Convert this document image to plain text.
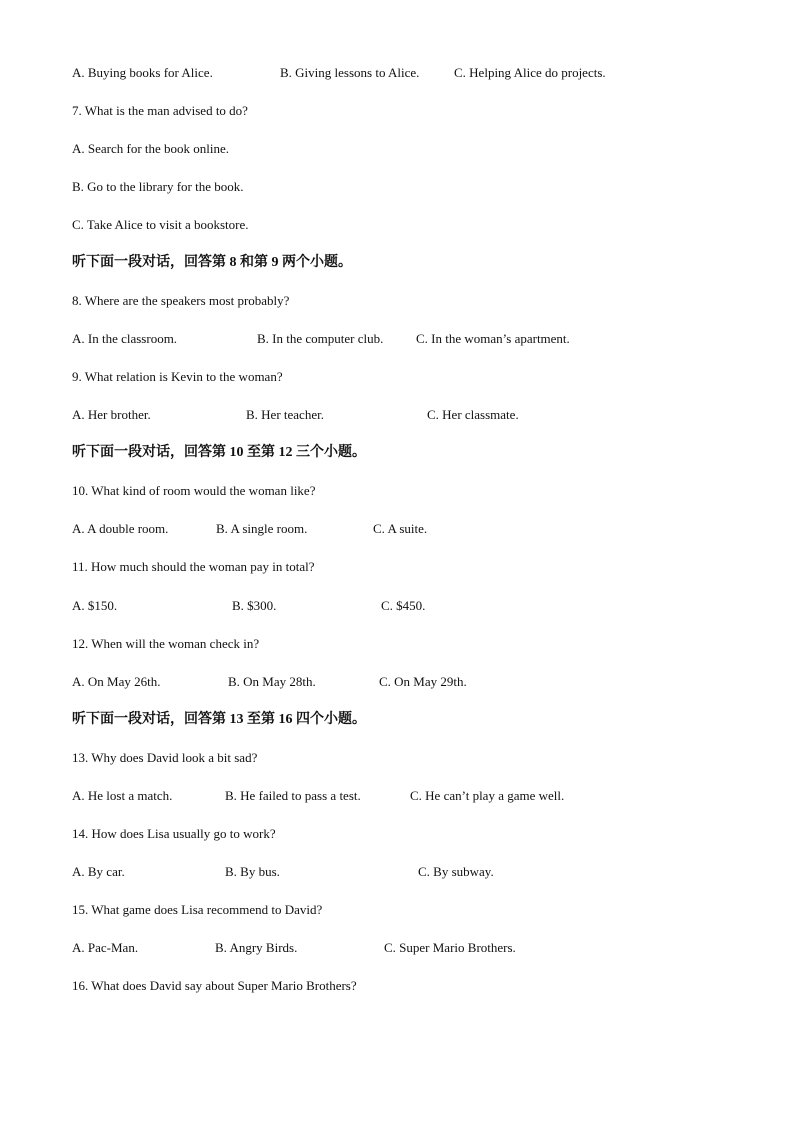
A. Buying books for Alice.	B. Giving lessons to Alice.	C. Helping Alice do projects.
7. What is the man advised to do?
A. Search for the book online.
B. Go to the library for the book.
C. Take Alice to visit a bookstore.
听下面一段对话，回答第 8 和第 9 两个小题。
8. Where are the speakers most probably?
A. In the classroom.	B. In the computer club.	C. In the woman’s apartment.
9. What relation is Kevin to the woman?
A. Her brother.	B. Her teacher.	C. Her classmate.
听下面一段对话，回答第 10 至第 12 三个小题。
10. What kind of room would the woman like?
A. A double room.	B. A single room.	C. A suite.
11. How much should the woman pay in total?
A. $150.	B. $300.	C. $450.
12. When will the woman check in?
A. On May 26th.	B. On May 28th.	C. On May 29th.
听下面一段对话，回答第 13 至第 16 四个小题。
13. Why does David look a bit sad?
A. He lost a match.	B. He failed to pass a test.	C. He can’t play a game well.
14. How does Lisa usually go to work?
A. By car.	B. By bus.	C. By subway.
15. What game does Lisa recommend to David?
A. Pac-Man.	B. Angry Birds.	C. Super Mario Brothers.
16. What does David say about Super Mario Brothers?
